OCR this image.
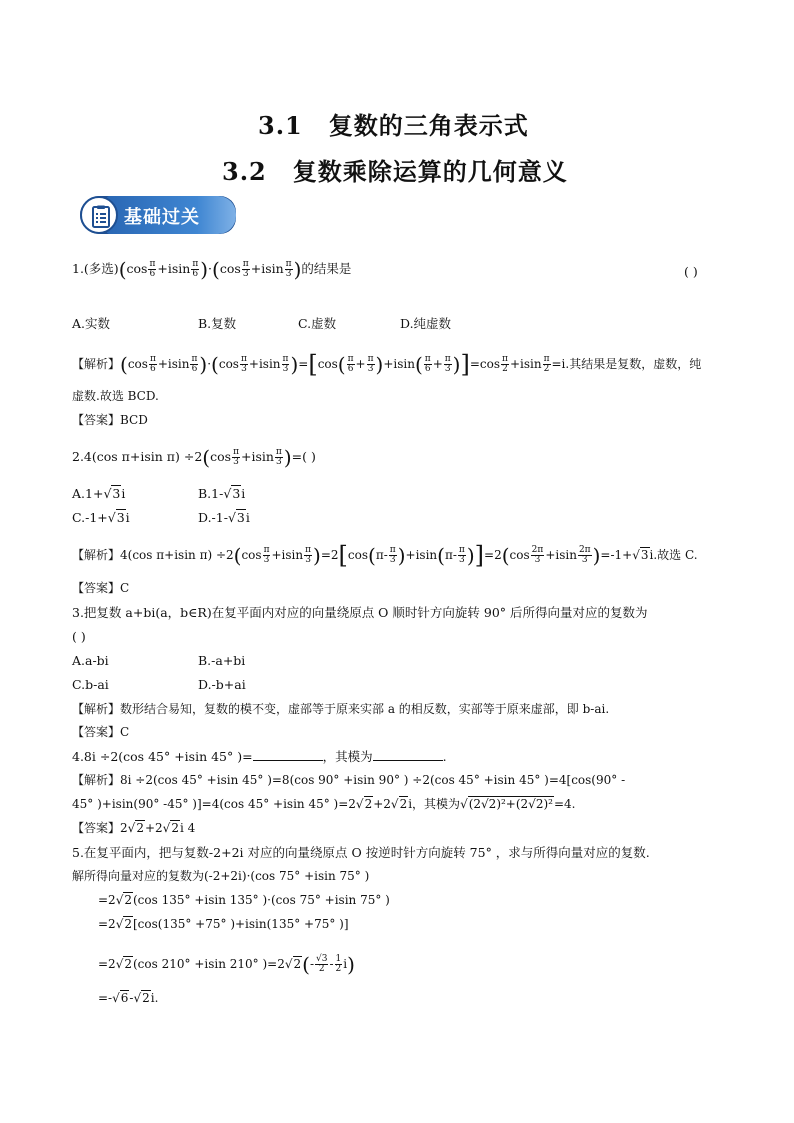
3.1 复数的三角表示式
3.2 复数乘除运算的几何意义
基础过关
1.(多选)$(\cos \frac{\pi}{6} +isin \frac{\pi}{6} )\cdot(\cos \frac{\pi}{3} +isin \frac{\pi}{3}$ )的结果是	( )
A.实数	B.复数	C.虚数	D.纯虚数
【解析】$(\cos \frac{\pi}{6} +isin \frac{\pi}{6} )\cdot(\cos \frac{\pi}{3} +isin \frac{\pi}{3} )=[\cos( \frac{\pi}{6} + \frac{\pi}{3} )+isin( \frac{\pi}{6} + \frac{\pi}{3} )]=\cos \frac{\pi}{2} +isin \frac{\pi}{2} =i$.其结果是复数，虚数，纯
虚数.故选 BCD.
【答案】BCD
2.4(cos π+isin $\pi) \div 2(\cos \frac{\pi}{3} +isin \frac{\pi}{3}$ )=( )
A.1+√3i	B.1-√3i
C.-1+√3i	D.-1-√3i
【解析】4(cos π+isin $\pi) \div 2(\cos \frac{\pi}{3} +isin \frac{\pi}{3} )=2[\cos(\pi- \frac{\pi}{3} )+isin(\pi- \frac{\pi}{3} )]=2(\cos \frac{2\pi}{3} +isin \frac{2\pi}{3} )=-1+√3i$.故选 C.
【答案】C
3.把复数 a+bi(a，b∈R)在复平面内对应的向量绕原点 O 顺时针方向旋转 90° 后所得向量对应的复数为
( )
A.a-bi	B.-a+bi
C.b-ai	D.-b+ai
【解析】数形结合易知，复数的模不变，虚部等于原来实部 a 的相反数，实部等于原来虚部，即 b-ai.
【答案】C
4.8i ÷2(cos 45° +isin 45° )=	，其模为	.
【解析】8i ÷2(cos 45° +isin 45° )=8(cos 90° +isin 90° ) ÷2(cos 45° +isin 45° )=4[cos(90° -
45° )+isin(90° -45° )]=4(cos 45° +isin 45° )=2√2+2√2i，其模为√(2√2)²+(2√2)²=4.
【答案】2√2+2√2i 4
5.在复平面内，把与复数-2+2i 对应的向量绕原点 O 按逆时针方向旋转 75° ，求与所得向量对应的复数.
解所得向量对应的复数为(-2+2i)·(cos 75° +isin 75° )
=2√2(cos 135° +isin 135° )·(cos 75° +isin 75° )
=2√2[cos(135° +75° )+isin(135° +75° )]
=2√2(cos 210° +isin 210° )$=2√2(- \frac{√3}{2} - \frac{1}{2} i)$
=-√6-√2i.
